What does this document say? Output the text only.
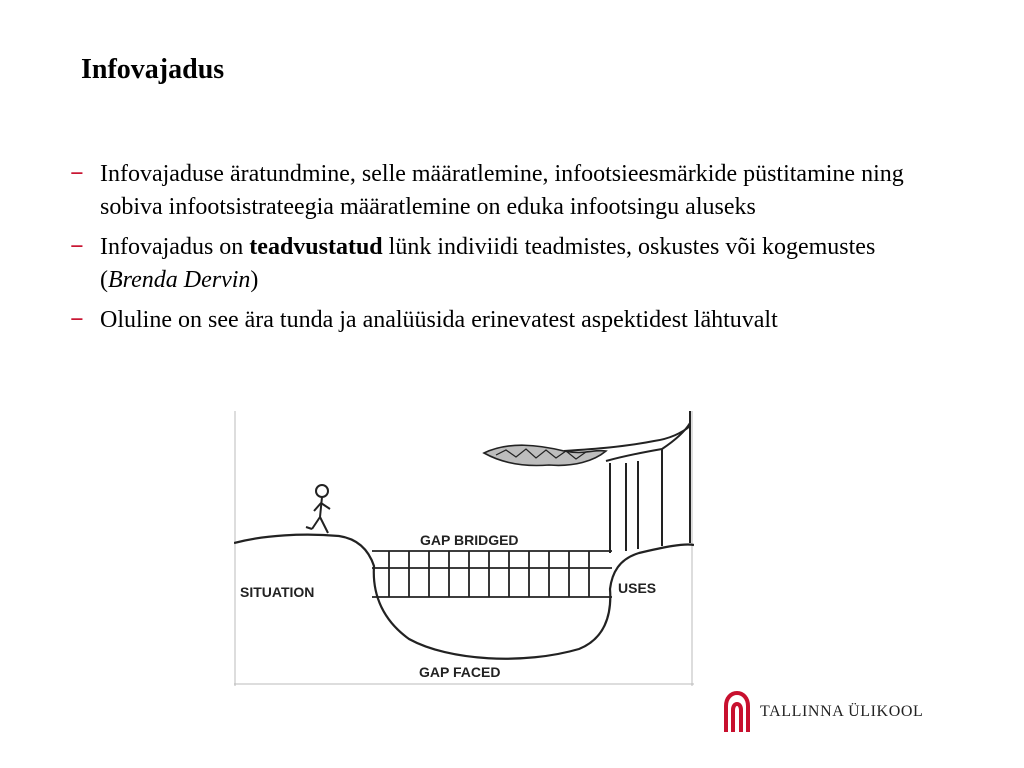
Infovajadus
− Infovajaduse äratundmine, selle määratlemine, infootsieesmärkide püstitamine ning sobiva infootsistrateegia määratlemine on eduka infootsingu aluseks
− Infovajadus on teadvustatud lünk indiviidi teadmistes, oskustes või kogemustes (Brenda Dervin)
− Oluline on see ära tunda ja analüüsida erinevatest aspektidest lähtuvalt
GAP BRIDGED
SITUATION	USES
GAP FACED
TALLINNA ÜLIKOOL
